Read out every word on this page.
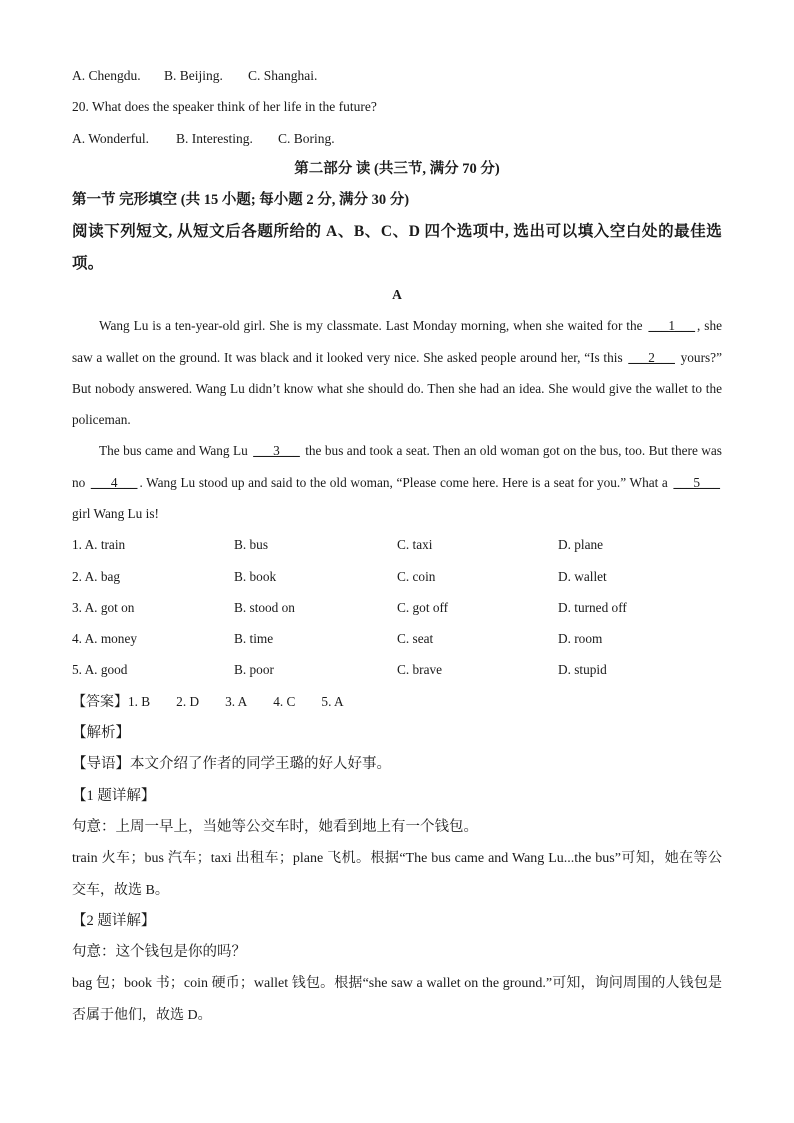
A. Chengdu. B. Beijing. C. Shanghai.
20. What does the speaker think of her life in the future?
A. Wonderful. B. Interesting. C. Boring.
第二部分 读 (共三节, 满分 70 分)
第一节 完形填空 (共 15 小题; 每小题 2 分, 满分 30 分)
阅读下列短文, 从短文后各题所给的 A、B、C、D 四个选项中, 选出可以填入空白处的最佳选项。
A
Wang Lu is a ten-year-old girl. She is my classmate. Last Monday morning, when she waited for the ___1___ , she saw a wallet on the ground. It was black and it looked very nice. She asked people around her, “Is this ___2___ yours?” But nobody answered. Wang Lu didn’t know what she should do. Then she had an idea. She would give the wallet to the policeman.
The bus came and Wang Lu ___3___ the bus and took a seat. Then an old woman got on the bus, too. But there was no ___4___ . Wang Lu stood up and said to the old woman, “Please come here. Here is a seat for you.” What a ___5___ girl Wang Lu is!
1. A. train	B. bus	C. taxi	D. plane
2. A. bag	B. book	C. coin	D. wallet
3. A. got on	B. stood on	C. got off	D. turned off
4. A. money	B. time	C. seat	D. room
5. A. good	B. poor	C. brave	D. stupid
【答案】1. B 2. D 3. A 4. C 5. A
【解析】
【导语】本文介绍了作者的同学王璐的好人好事。
【1 题详解】
句意：上周一早上，当她等公交车时，她看到地上有一个钱包。
train 火车；bus 汽车；taxi 出租车；plane 飞机。根据“The bus came and Wang Lu...the bus”可知，她在等公交车，故选 B。
【2 题详解】
句意：这个钱包是你的吗？
bag 包；book 书；coin 硬币；wallet 钱包。根据“she saw a wallet on the ground.”可知，询问周围的人钱包是否属于他们，故选 D。
